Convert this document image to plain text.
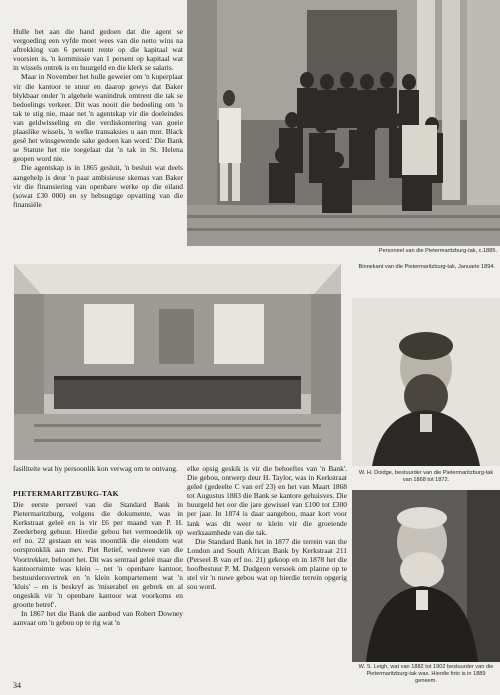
Hulle het aan die hand gedoen dat die agent se vergoeding een vyfde moet wees van die netto wins na aftrekking van 6 persent rente op die kapitaal wat voorsien is, 'n kommissie van 1 persent op kapitaal wat in wissels ontrek is en huurgeld en die klerk se salaris.

Maar in November het hulle geweier om 'n kuperplaat vir die kantoor te stuur en daarop gewys dat Baker blykbaar onder 'n algehele wanindruk omtrent die tak se bedoelings verkeer. Dit was nooit die bedoeling om 'n tak te stig nie, maar net 'n agentskap vir die doeleindes van geldwisseling en die verdiskontering van goeie plaaslike wissels, 'n welke transaksies u aan mnr. Black gesê het winsgewende sake gedoen kan word.' Die Bank se Statute het nie toegelaat dat 'n tak in St. Helena geopen word nie.

Die agentskap is in 1865 gesluit, 'n besluit wat deels aangehelp is deur 'n paar ambisieuse skemas van Baker vir die finansiering van openbare werke op die eiland (sowat £30 000) en sy hebsugtige opvatting van die finansiële

Personeel van die Pietermaritzburg-tak, c.1885.
Binnekant van die Pietermaritzburg-tak, Januarie 1894.
W. H. Doidge, bestuurder van die Pietermaritzburg-tak van 1868 tot 1872.
W. S. Leigh, wat van 1882 tot 1902 bestuurder van die Pietermaritzburg-tak was. Hierdie foto is in 1889 geneem.

fasiliteite wat hy persoonlik kon verwag om te ontvang.

PIETERMARITZBURG-TAK

Die eerste perseel van die Standard Bank in Pietermaritzburg, volgens die dokumente, was in Kerkstraat geleë en is vir £6 per maand van P. H. Zeederberg gehuur. Hierdie gebou het vermoedelik op erf no. 22 gestaan en was moontlik die eiendom wat oorspronklik aan mev. Piet Retief, weduwee van die Voortrekker, behoort het. Dit was sentraal geleë maar die kantoorruimte was klein – net 'n openbare kantoor, bestuurdersvertrek en 'n klein kompartement wat 'n 'kluis' – en is beskryf as 'miserabel en gebrek en al ongeskik vir 'n openbare kantoor wat voorkoms en grootte betref'.

In 1867 het die Bank die aanbod van Robert Downey aanvaar om 'n gebou op te rig wat 'n

elke opsig geskik is vir die behoeftes van 'n Bank'. Die gebou, ontwerp deur H. Taylor, was in Kerkstraat geleë (gedeelte C van erf 23) en het van Maart 1868 tot Augustus 1883 die Bank se kantore gehuisves. Die huurgeld het oor die jare gewissel van £100 tot £300 per jaar. In 1874 is daar aangebou, maar kort voor lank was dit weer te klein vir die groeiende werksaamhede van die tak.

Die Standard Bank het in 1877 die terrein van the London and South African Bank by Kerkstraat 211 (Perseel B van erf no. 21) gekoop en in 1878 het die hoofbestuur P. M. Dudgeon versoek om planne op te stel vir 'n nuwe gebou wat op hierdie terrein opgerig sou word.

34
